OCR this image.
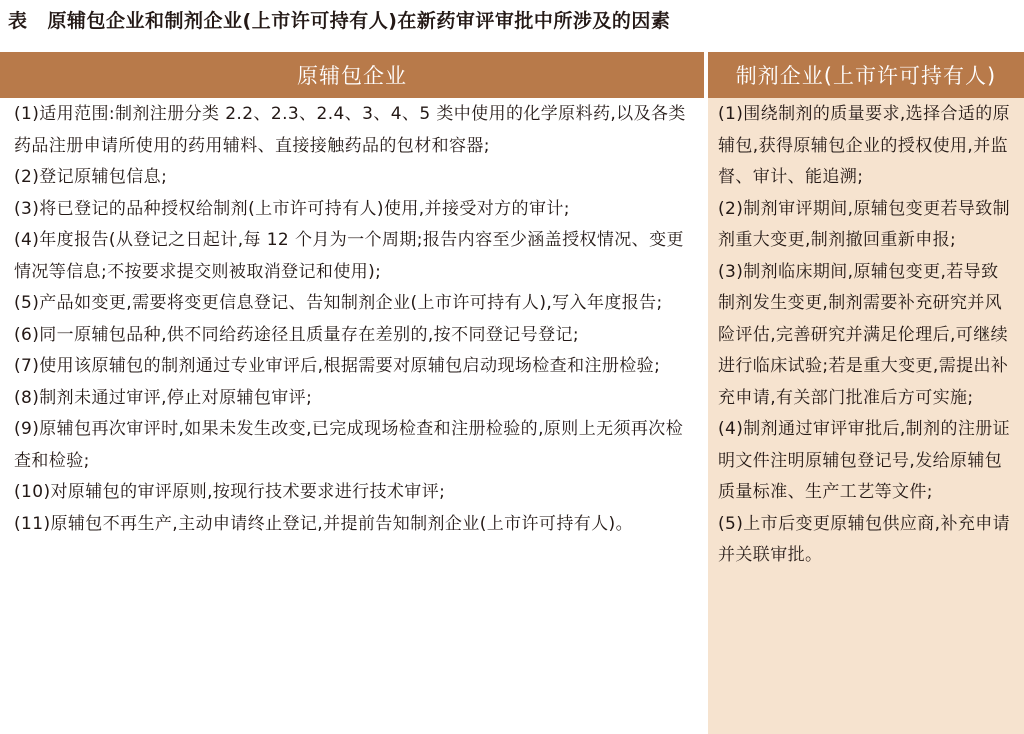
表 原辅包企业和制剂企业(上市许可持有人)在新药审评审批中所涉及的因素
原辅包企业	制剂企业(上市许可持有人)

(1)适用范围:制剂注册分类 2.2、2.3、2.4、3、4、5 类中使用的化学原料药,以及各类药品注册申请所使用的药用辅料、直接接触药品的包材和容器;

(2)登记原辅包信息;

(3)将已登记的品种授权给制剂(上市许可持有人)使用,并接受对方的审计;

(4)年度报告(从登记之日起计,每 12 个月为一个周期;报告内容至少涵盖授权情况、变更情况等信息;不按要求提交则被取消登记和使用);

(5)产品如变更,需要将变更信息登记、告知制剂企业(上市许可持有人),写入年度报告;

(6)同一原辅包品种,供不同给药途径且质量存在差别的,按不同登记号登记;

(7)使用该原辅包的制剂通过专业审评后,根据需要对原辅包启动现场检查和注册检验;

(8)制剂未通过审评,停止对原辅包审评;

(9)原辅包再次审评时,如果未发生改变,已完成现场检查和注册检验的,原则上无须再次检查和检验;

(10)对原辅包的审评原则,按现行技术要求进行技术审评;

(11)原辅包不再生产,主动申请终止登记,并提前告知制剂企业(上市许可持有人)。

(1)围绕制剂的质量要求,选择合适的原辅包,获得原辅包企业的授权使用,并监督、审计、能追溯;

(2)制剂审评期间,原辅包变更若导致制剂重大变更,制剂撤回重新申报;

(3)制剂临床期间,原辅包变更,若导致制剂发生变更,制剂需要补充研究并风险评估,完善研究并满足伦理后,可继续进行临床试验;若是重大变更,需提出补充申请,有关部门批准后方可实施;

(4)制剂通过审评审批后,制剂的注册证明文件注明原辅包登记号,发给原辅包质量标准、生产工艺等文件;

(5)上市后变更原辅包供应商,补充申请并关联审批。
